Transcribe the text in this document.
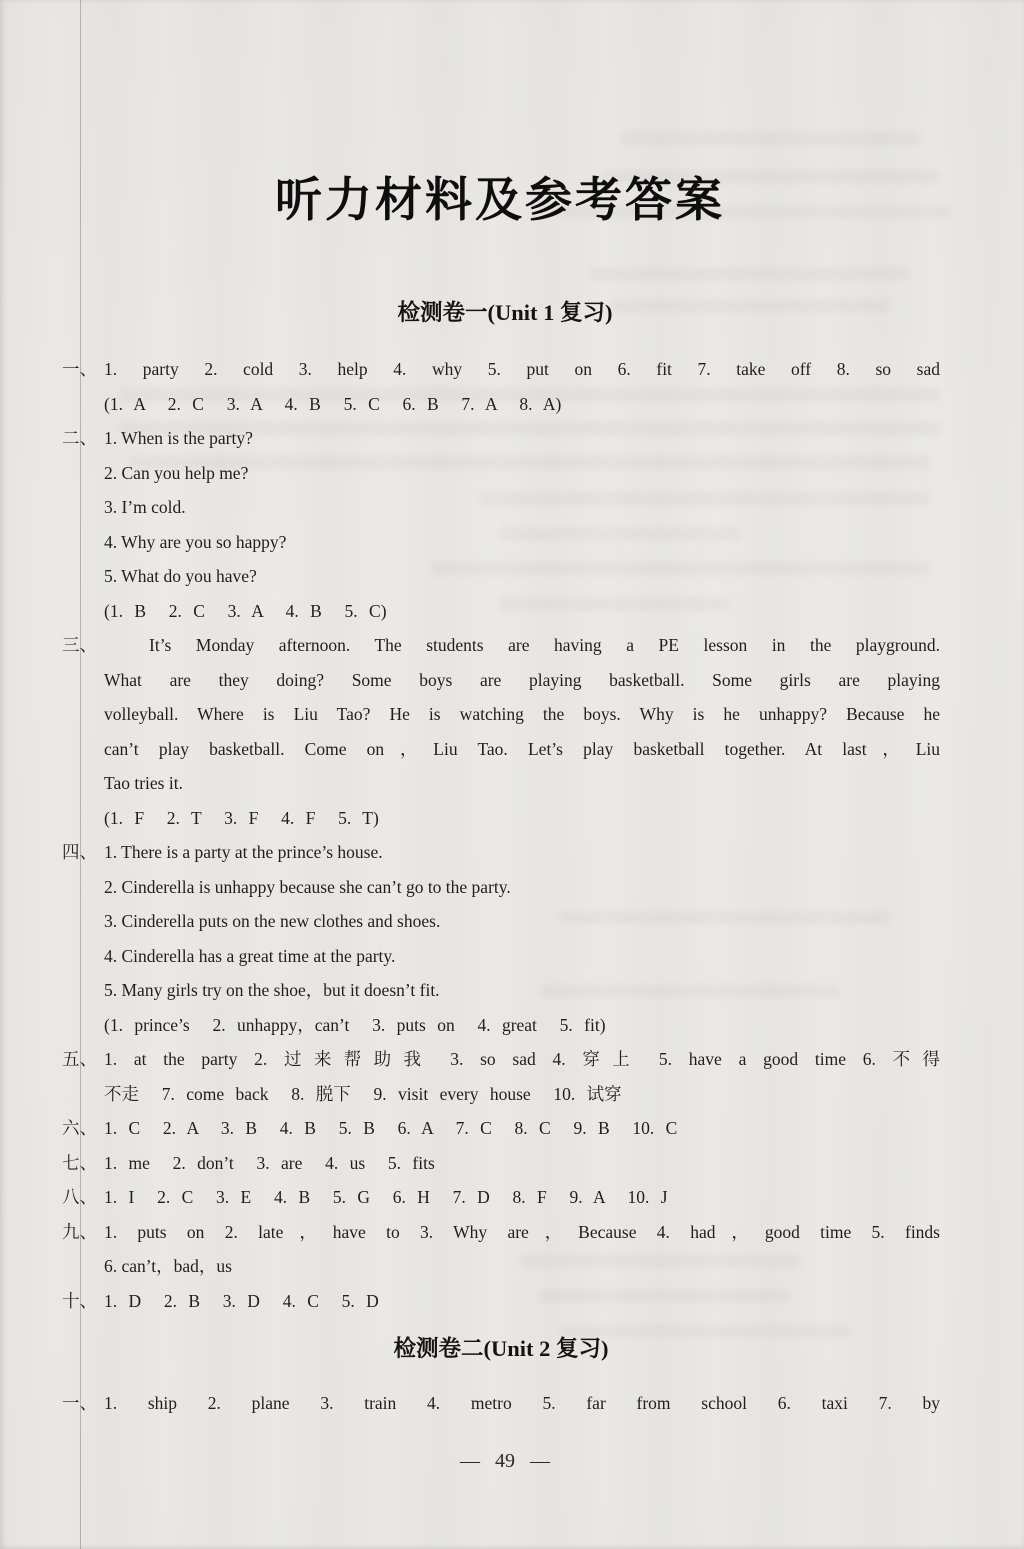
听力材料及参考答案
检测卷一(Unit 1 复习)
一、 1. party 2. cold 3. help 4. why 5. put on 6. fit 7. take off 8. so sad
(1. A  2. C  3. A  4. B  5. C  6. B  7. A  8. A)
二、 1. When is the party?
2. Can you help me?
3. I’m cold.
4. Why are you so happy?
5. What do you have?
(1. B  2. C  3. A  4. B  5. C)
三、	It’s Monday afternoon. The students are having a PE lesson in the playground.
What are they doing? Some boys are playing basketball. Some girls are playing
volleyball. Where is Liu Tao? He is watching the boys. Why is he unhappy? Because he
can’t play basketball. Come on，Liu Tao. Let’s play basketball together. At last，Liu
Tao tries it.
(1. F  2. T  3. F  4. F  5. T)
四、 1. There is a party at the prince’s house.
2. Cinderella is unhappy because she can’t go to the party.
3. Cinderella puts on the new clothes and shoes.
4. Cinderella has a great time at the party.
5. Many girls try on the shoe，but it doesn’t fit.
(1. prince’s  2. unhappy，can’t  3. puts on  4. great  5. fit)
五、 1. at the party 2. 过来帮助我 3. so sad 4. 穿上 5. have a good time 6. 不得
不走  7. come back  8. 脱下  9. visit every house  10. 试穿
六、 1. C  2. A  3. B  4. B  5. B  6. A  7. C  8. C  9. B  10. C
七、 1. me  2. don’t  3. are  4. us  5. fits
八、 1. I  2. C  3. E  4. B  5. G  6. H  7. D  8. F  9. A  10. J
九、 1. puts on 2. late，have to 3. Why are，Because 4. had，good time 5. finds
6. can’t，bad，us
十、 1. D  2. B  3. D  4. C  5. D
检测卷二(Unit 2 复习)
一、 1. ship 2. plane 3. train 4. metro 5. far from school 6. taxi 7. by
— 49 —
